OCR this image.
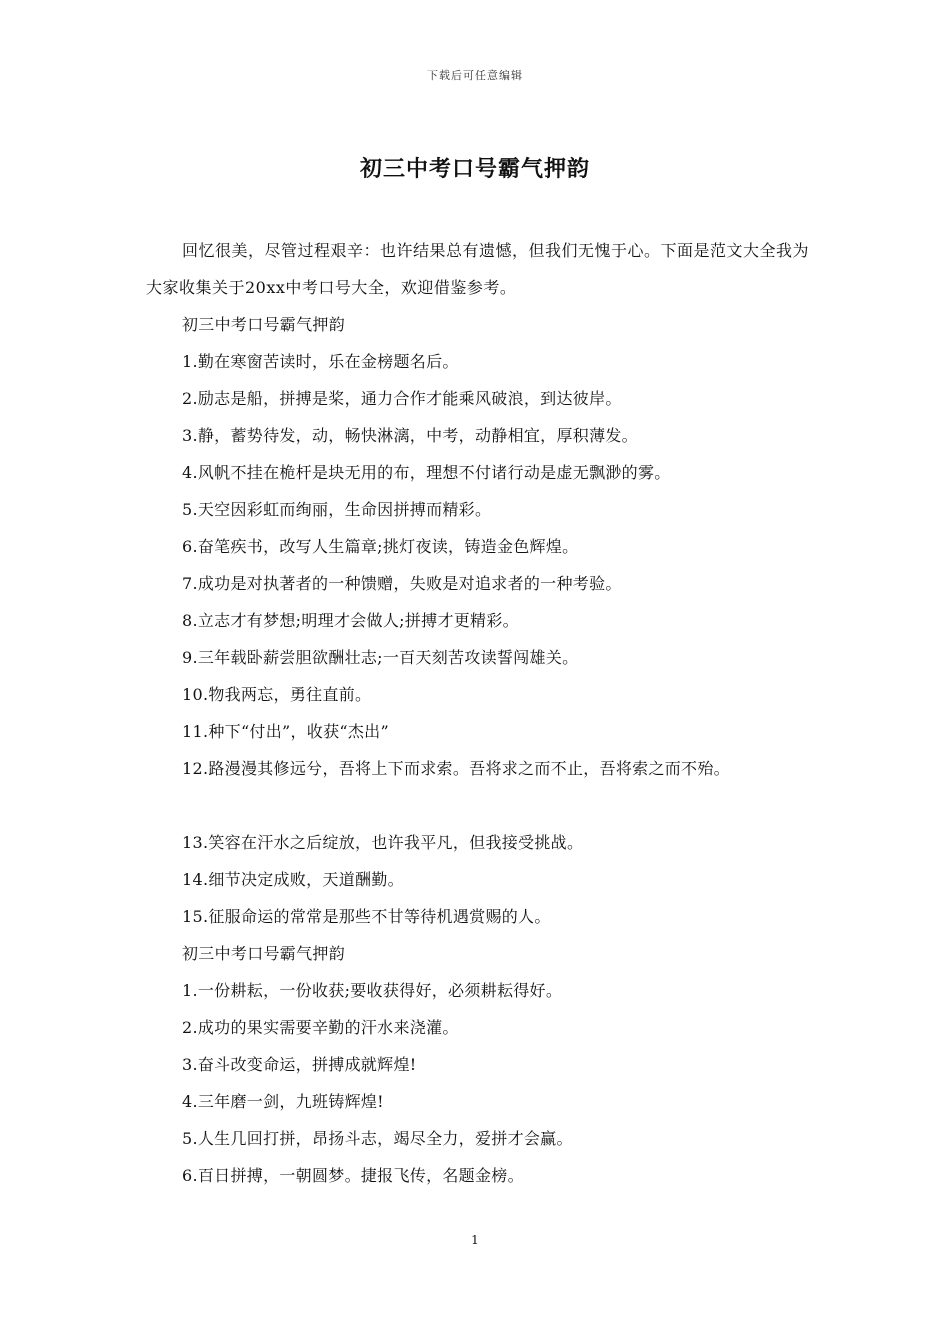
下载后可任意编辑
初三中考口号霸气押韵

回忆很美，尽管过程艰辛：也许结果总有遗憾，但我们无愧于心。下面是范文大全我为大家收集关于20xx中考口号大全，欢迎借鉴参考。

初三中考口号霸气押韵
1.勤在寒窗苦读时，乐在金榜题名后。
2.励志是船，拼搏是桨，通力合作才能乘风破浪，到达彼岸。
3.静，蓄势待发，动，畅快淋漓，中考，动静相宜，厚积薄发。
4.风帆不挂在桅杆是块无用的布，理想不付诸行动是虚无飘渺的雾。
5.天空因彩虹而绚丽，生命因拼搏而精彩。
6.奋笔疾书，改写人生篇章;挑灯夜读，铸造金色辉煌。
7.成功是对执著者的一种馈赠，失败是对追求者的一种考验。
8.立志才有梦想;明理才会做人;拼搏才更精彩。
9.三年载卧薪尝胆欲酬壮志;一百天刻苦攻读誓闯雄关。
10.物我两忘，勇往直前。
11.种下“付出”，收获“杰出”
12.路漫漫其修远兮，吾将上下而求索。吾将求之而不止，吾将索之而不殆。
13.笑容在汗水之后绽放，也许我平凡，但我接受挑战。
14.细节决定成败，天道酬勤。
15.征服命运的常常是那些不甘等待机遇赏赐的人。
初三中考口号霸气押韵
1.一份耕耘，一份收获;要收获得好，必须耕耘得好。
2.成功的果实需要辛勤的汗水来浇灌。
3.奋斗改变命运，拼搏成就辉煌!
4.三年磨一剑，九班铸辉煌!
5.人生几回打拼，昂扬斗志，竭尽全力，爱拼才会赢。
6.百日拼搏，一朝圆梦。捷报飞传，名题金榜。
1
